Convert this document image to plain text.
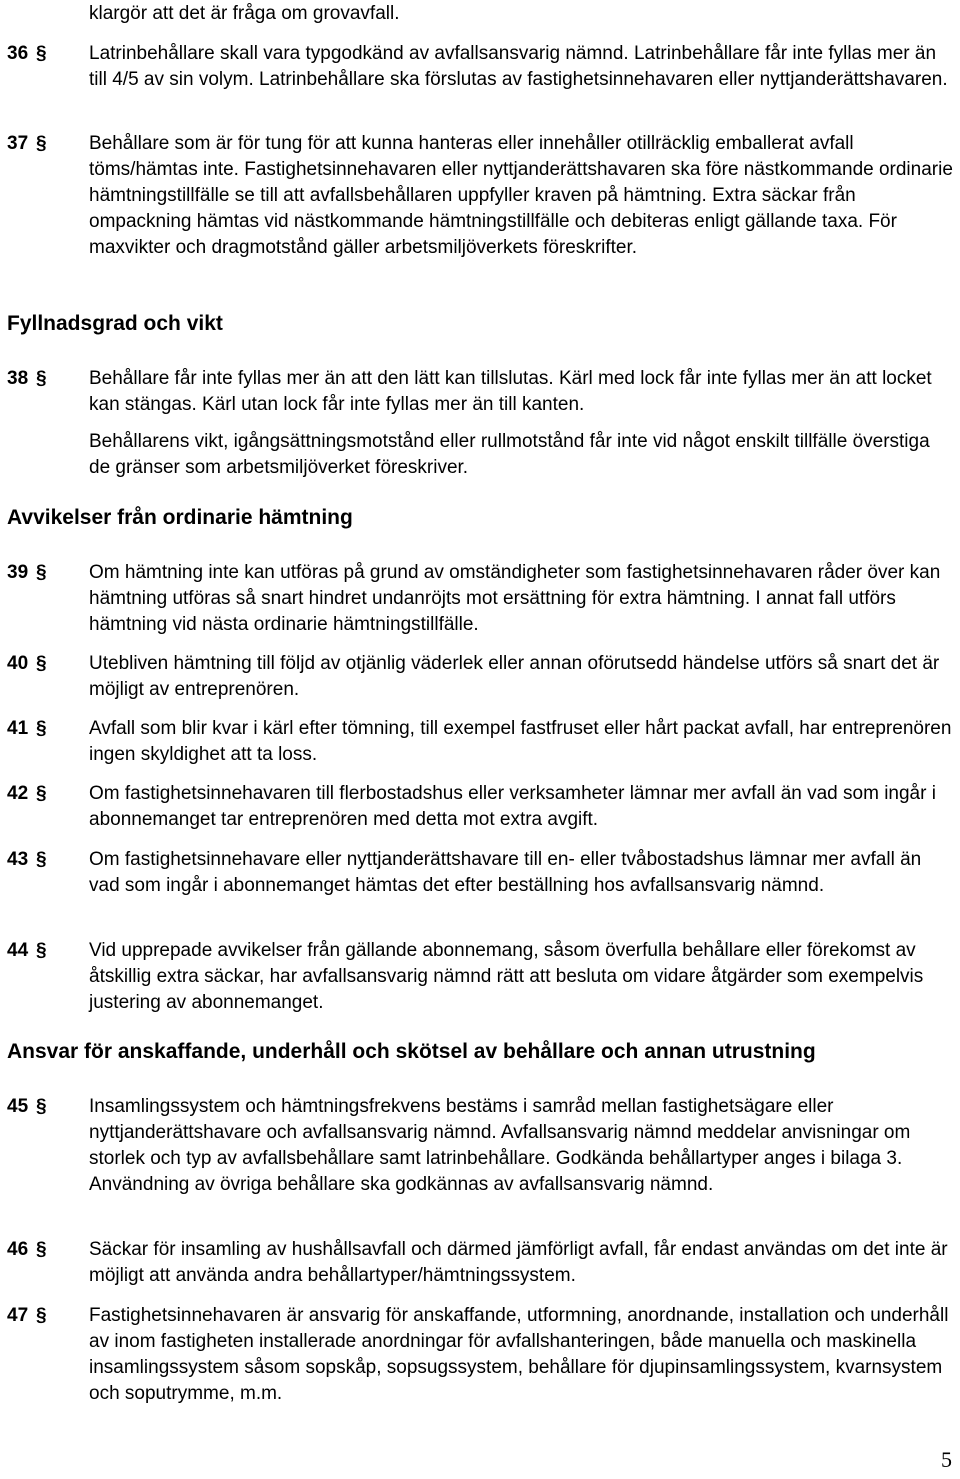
klargör att det är fråga om grovavfall.

36 § Latrinbehållare skall vara typgodkänd av avfallsansvarig nämnd. Latrinbehållare får inte fyllas mer än till 4/5 av sin volym. Latrinbehållare ska förslutas av fastighetsinnehavaren eller nyttjanderättshavaren.

37 § Behållare som är för tung för att kunna hanteras eller innehåller otillräcklig emballerat avfall töms/hämtas inte. Fastighetsinnehavaren eller nyttjanderättshavaren ska före nästkommande ordinarie hämtningstillfälle se till att avfallsbehållaren uppfyller kraven på hämtning. Extra säckar från ompackning hämtas vid nästkommande hämtningstillfälle och debiteras enligt gällande taxa. För maxvikter och dragmotstånd gäller arbetsmiljöverkets föreskrifter.

Fyllnadsgrad och vikt

38 § Behållare får inte fyllas mer än att den lätt kan tillslutas. Kärl med lock får inte fyllas mer än att locket kan stängas. Kärl utan lock får inte fyllas mer än till kanten.

Behållarens vikt, igångsättningsmotstånd eller rullmotstånd får inte vid något enskilt tillfälle överstiga de gränser som arbetsmiljöverket föreskriver.

Avvikelser från ordinarie hämtning

39 § Om hämtning inte kan utföras på grund av omständigheter som fastighetsinnehavaren råder över kan hämtning utföras så snart hindret undanröjts mot ersättning för extra hämtning. I annat fall utförs hämtning vid nästa ordinarie hämtningstillfälle.

40 § Utebliven hämtning till följd av otjänlig väderlek eller annan oförutsedd händelse utförs så snart det är möjligt av entreprenören.

41 § Avfall som blir kvar i kärl efter tömning, till exempel fastfruset eller hårt packat avfall, har entreprenören ingen skyldighet att ta loss.

42 § Om fastighetsinnehavaren till flerbostadshus eller verksamheter lämnar mer avfall än vad som ingår i abonnemanget tar entreprenören med detta mot extra avgift.

43 § Om fastighetsinnehavare eller nyttjanderättshavare till en- eller tvåbostadshus lämnar mer avfall än vad som ingår i abonnemanget hämtas det efter beställning hos avfallsansvarig nämnd.

44 § Vid upprepade avvikelser från gällande abonnemang, såsom överfulla behållare eller förekomst av åtskillig extra säckar, har avfallsansvarig nämnd rätt att besluta om vidare åtgärder som exempelvis justering av abonnemanget.

Ansvar för anskaffande, underhåll och skötsel av behållare och annan utrustning

45 § Insamlingssystem och hämtningsfrekvens bestäms i samråd mellan fastighetsägare eller nyttjanderättshavare och avfallsansvarig nämnd. Avfallsansvarig nämnd meddelar anvisningar om storlek och typ av avfallsbehållare samt latrinbehållare. Godkända behållartyper anges i bilaga 3. Användning av övriga behållare ska godkännas av avfallsansvarig nämnd.

46 § Säckar för insamling av hushållsavfall och därmed jämförligt avfall, får endast användas om det inte är möjligt att använda andra behållartyper/hämtningssystem.

47 § Fastighetsinnehavaren är ansvarig för anskaffande, utformning, anordnande, installation och underhåll av inom fastigheten installerade anordningar för avfallshanteringen, både manuella och maskinella insamlingssystem såsom sopskåp, sopsugssystem, behållare för djupinsamlingssystem, kvarnsystem och soputrymme, m.m.

5
